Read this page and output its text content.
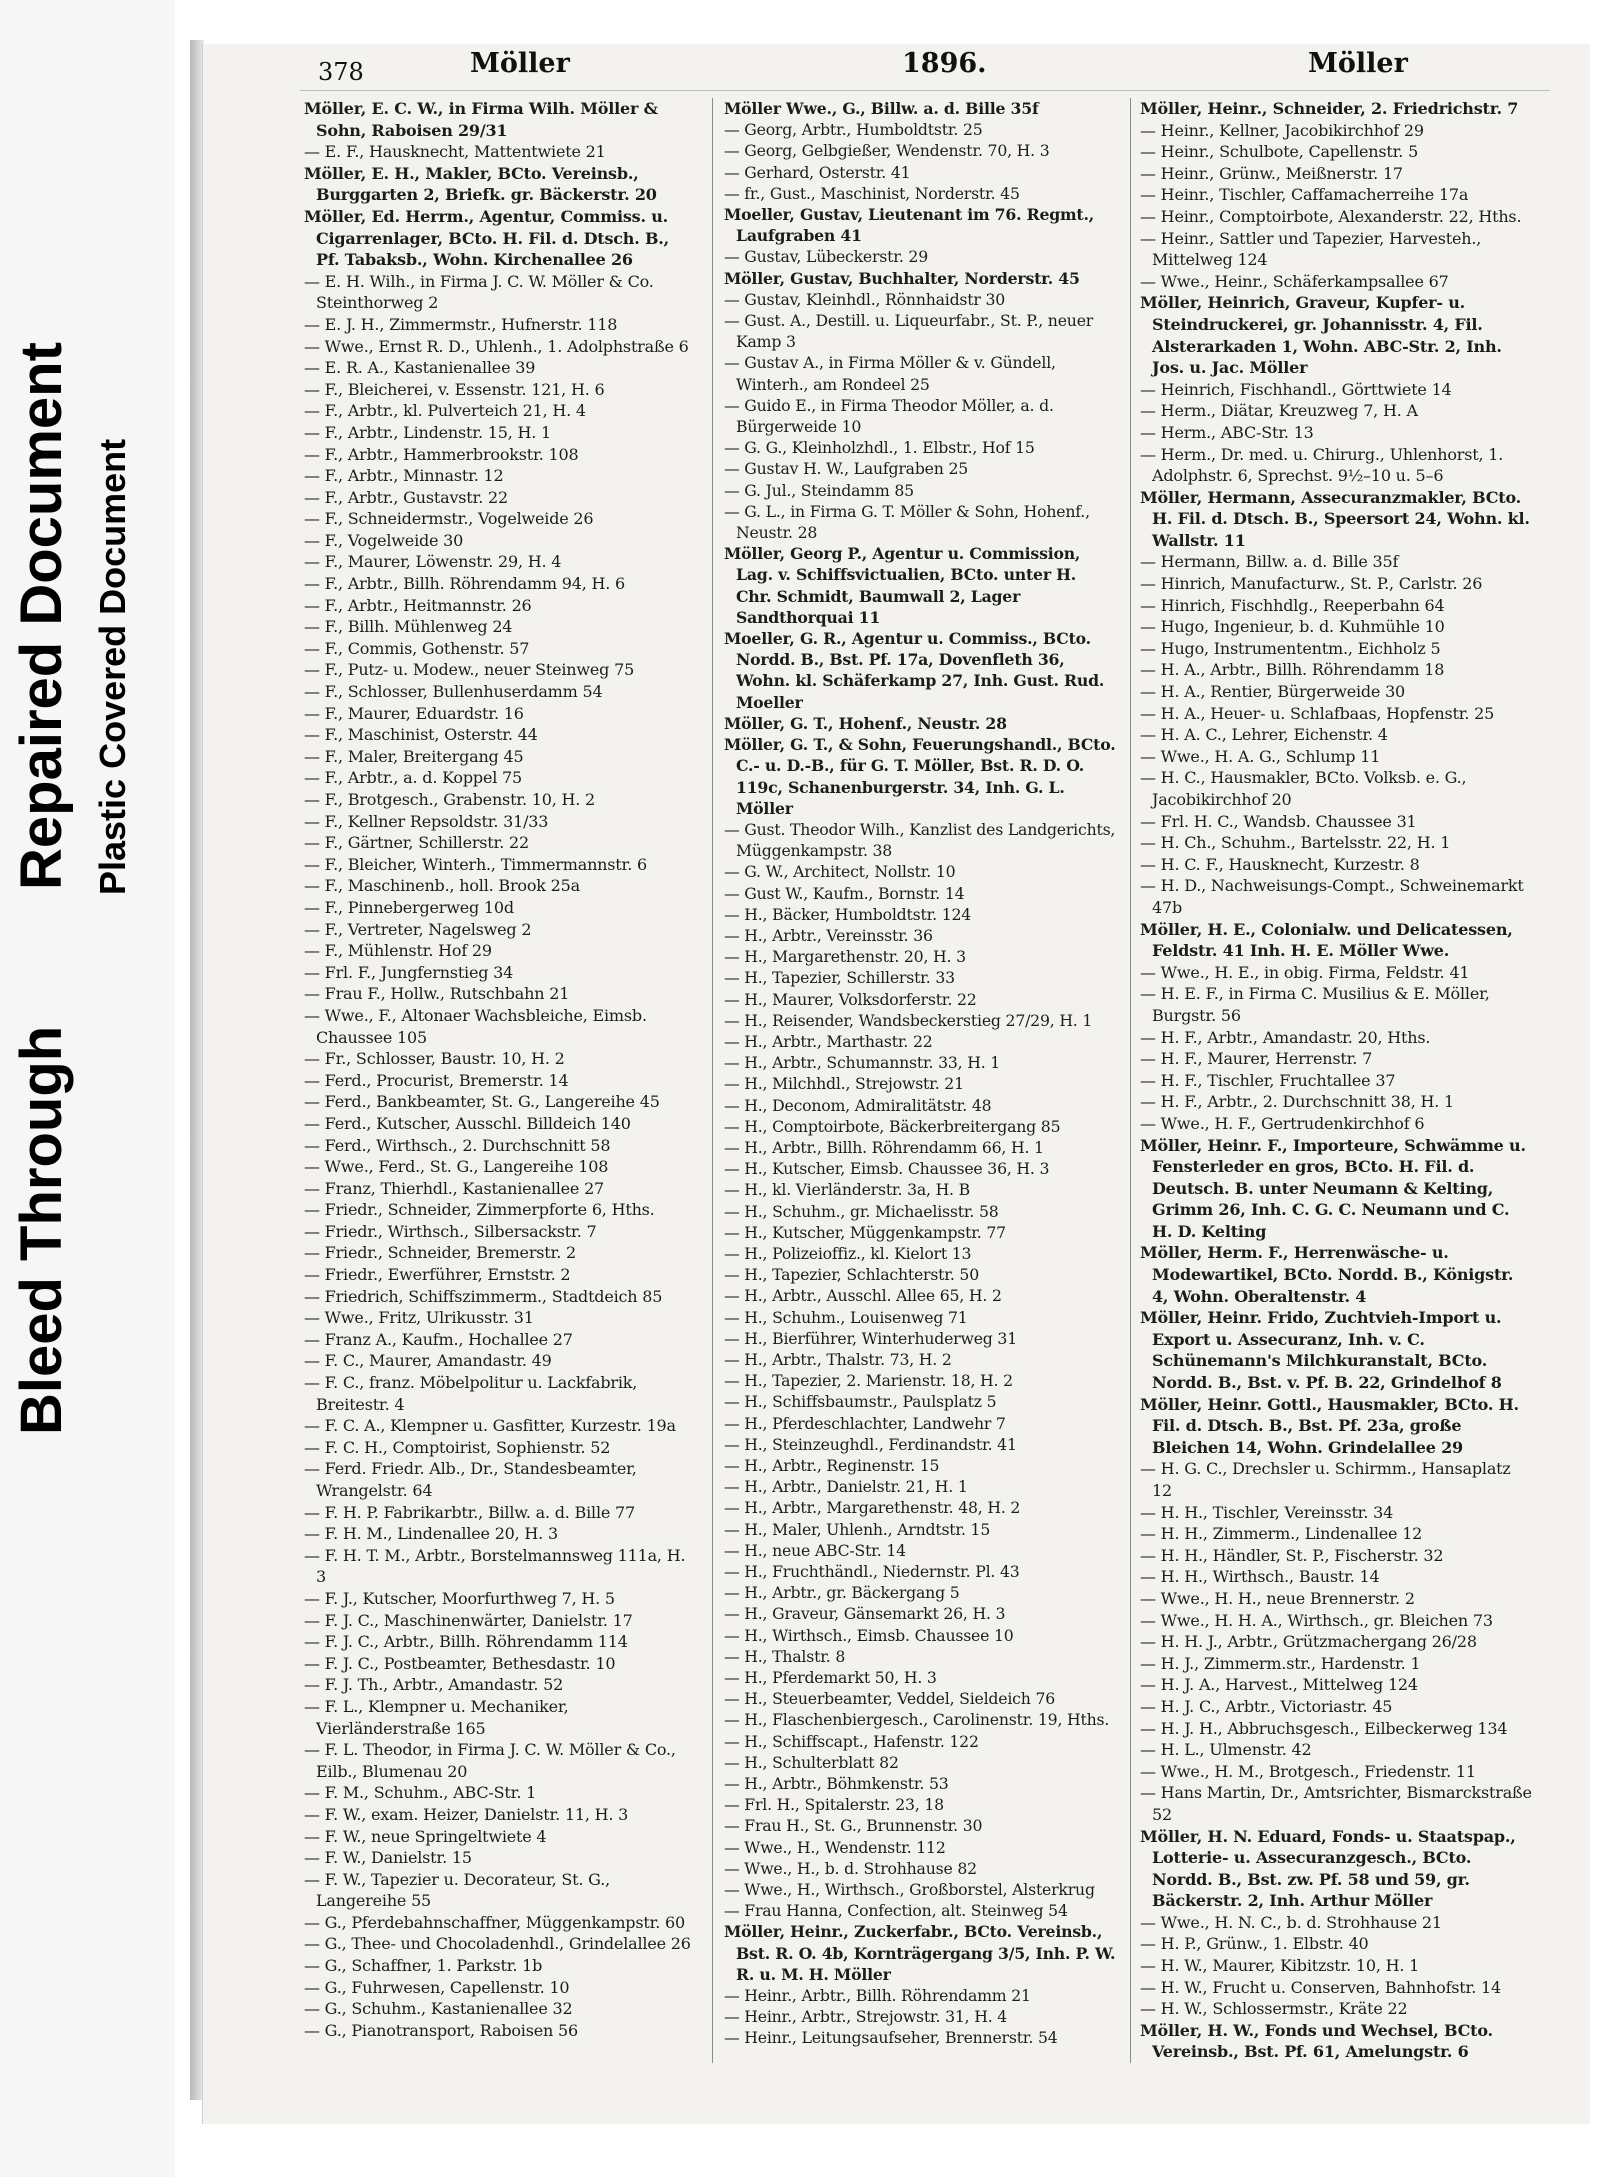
Bleed Through
Repaired Document Plastic Covered Document
378	Möller	1896.	Möller

Möller, E. C. W., in Firma Wilh. Möller & Sohn, Raboisen 29/31

— E. F., Hausknecht, Mattentwiete 21

Möller, E. H., Makler, BCto. Vereinsb., Burggarten 2, Briefk. gr. Bäckerstr. 20

Möller, Ed. Herrm., Agentur, Commiss. u. Cigarrenlager, BCto. H. Fil. d. Dtsch. B., Pf. Tabaksb., Wohn. Kirchenallee 26

— E. H. Wilh., in Firma J. C. W. Möller & Co. Steinthorweg 2

— E. J. H., Zimmermstr., Hufnerstr. 118

— Wwe., Ernst R. D., Uhlenh., 1. Adolphstraße 6

— E. R. A., Kastanienallee 39

— F., Bleicherei, v. Essenstr. 121, H. 6

— F., Arbtr., kl. Pulverteich 21, H. 4

— F., Arbtr., Lindenstr. 15, H. 1

— F., Arbtr., Hammerbrookstr. 108

— F., Arbtr., Minnastr. 12

— F., Arbtr., Gustavstr. 22

— F., Schneidermstr., Vogelweide 26

— F., Vogelweide 30

— F., Maurer, Löwenstr. 29, H. 4

— F., Arbtr., Billh. Röhrendamm 94, H. 6

— F., Arbtr., Heitmannstr. 26

— F., Billh. Mühlenweg 24

— F., Commis, Gothenstr. 57

— F., Putz- u. Modew., neuer Steinweg 75

— F., Schlosser, Bullenhuserdamm 54

— F., Maurer, Eduardstr. 16

— F., Maschinist, Osterstr. 44

— F., Maler, Breitergang 45

— F., Arbtr., a. d. Koppel 75

— F., Brotgesch., Grabenstr. 10, H. 2

— F., Kellner Repsoldstr. 31/33

— F., Gärtner, Schillerstr. 22

— F., Bleicher, Winterh., Timmermannstr. 6

— F., Maschinenb., holl. Brook 25a

— F., Pinnebergerweg 10d

— F., Vertreter, Nagelsweg 2

— F., Mühlenstr. Hof 29

— Frl. F., Jungfernstieg 34

— Frau F., Hollw., Rutschbahn 21

— Wwe., F., Altonaer Wachsbleiche, Eimsb. Chaussee 105

— Fr., Schlosser, Baustr. 10, H. 2

— Ferd., Procurist, Bremerstr. 14

— Ferd., Bankbeamter, St. G., Langereihe 45

— Ferd., Kutscher, Ausschl. Billdeich 140

— Ferd., Wirthsch., 2. Durchschnitt 58

— Wwe., Ferd., St. G., Langereihe 108

— Franz, Thierhdl., Kastanienallee 27

— Friedr., Schneider, Zimmerpforte 6, Hths.

— Friedr., Wirthsch., Silbersackstr. 7

— Friedr., Schneider, Bremerstr. 2

— Friedr., Ewerführer, Ernststr. 2

— Friedrich, Schiffszimmerm., Stadtdeich 85

— Wwe., Fritz, Ulrikusstr. 31

— Franz A., Kaufm., Hochallee 27

— F. C., Maurer, Amandastr. 49

— F. C., franz. Möbelpolitur u. Lackfabrik, Breitestr. 4

— F. C. A., Klempner u. Gasfitter, Kurzestr. 19a

— F. C. H., Comptoirist, Sophienstr. 52

— Ferd. Friedr. Alb., Dr., Standesbeamter, Wrangelstr. 64

— F. H. P. Fabrikarbtr., Billw. a. d. Bille 77

— F. H. M., Lindenallee 20, H. 3

— F. H. T. M., Arbtr., Borstelmannsweg 111a, H. 3

— F. J., Kutscher, Moorfurthweg 7, H. 5

— F. J. C., Maschinenwärter, Danielstr. 17

— F. J. C., Arbtr., Billh. Röhrendamm 114

— F. J. C., Postbeamter, Bethesdastr. 10

— F. J. Th., Arbtr., Amandastr. 52

— F. L., Klempner u. Mechaniker, Vierländerstraße 165

— F. L. Theodor, in Firma J. C. W. Möller & Co., Eilb., Blumenau 20

— F. M., Schuhm., ABC-Str. 1

— F. W., exam. Heizer, Danielstr. 11, H. 3

— F. W., neue Springeltwiete 4

— F. W., Danielstr. 15

— F. W., Tapezier u. Decorateur, St. G., Langereihe 55

— G., Pferdebahnschaffner, Müggenkampstr. 60

— G., Thee- und Chocoladenhdl., Grindelallee 26

— G., Schaffner, 1. Parkstr. 1b

— G., Fuhrwesen, Capellenstr. 10

— G., Schuhm., Kastanienallee 32

— G., Pianotransport, Raboisen 56

Möller Wwe., G., Billw. a. d. Bille 35f

— Georg, Arbtr., Humboldtstr. 25

— Georg, Gelbgießer, Wendenstr. 70, H. 3

— Gerhard, Osterstr. 41

— fr., Gust., Maschinist, Norderstr. 45

Moeller, Gustav, Lieutenant im 76. Regmt., Laufgraben 41

— Gustav, Lübeckerstr. 29

Möller, Gustav, Buchhalter, Norderstr. 45

— Gustav, Kleinhdl., Rönnhaidstr 30

— Gust. A., Destill. u. Liqueurfabr., St. P., neuer Kamp 3

— Gustav A., in Firma Möller & v. Gündell, Winterh., am Rondeel 25

— Guido E., in Firma Theodor Möller, a. d. Bürgerweide 10

— G. G., Kleinholzhdl., 1. Elbstr., Hof 15

— Gustav H. W., Laufgraben 25

— G. Jul., Steindamm 85

— G. L., in Firma G. T. Möller & Sohn, Hohenf., Neustr. 28

Möller, Georg P., Agentur u. Commission, Lag. v. Schiffsvictualien, BCto. unter H. Chr. Schmidt, Baumwall 2, Lager Sandthorquai 11

Moeller, G. R., Agentur u. Commiss., BCto. Nordd. B., Bst. Pf. 17a, Dovenfleth 36, Wohn. kl. Schäferkamp 27, Inh. Gust. Rud. Moeller

Möller, G. T., Hohenf., Neustr. 28

Möller, G. T., & Sohn, Feuerungshandl., BCto. C.- u. D.-B., für G. T. Möller, Bst. R. D. O. 119c, Schanenburgerstr. 34, Inh. G. L. Möller

— Gust. Theodor Wilh., Kanzlist des Landgerichts, Müggenkampstr. 38

— G. W., Architect, Nollstr. 10

— Gust W., Kaufm., Bornstr. 14

— H., Bäcker, Humboldtstr. 124

— H., Arbtr., Vereinsstr. 36

— H., Margarethenstr. 20, H. 3

— H., Tapezier, Schillerstr. 33

— H., Maurer, Volksdorferstr. 22

— H., Reisender, Wandsbeckerstieg 27/29, H. 1

— H., Arbtr., Marthastr. 22

— H., Arbtr., Schumannstr. 33, H. 1

— H., Milchhdl., Strejowstr. 21

— H., Deconom, Admiralitätstr. 48

— H., Comptoirbote, Bäckerbreitergang 85

— H., Arbtr., Billh. Röhrendamm 66, H. 1

— H., Kutscher, Eimsb. Chaussee 36, H. 3

— H., kl. Vierländerstr. 3a, H. B

— H., Schuhm., gr. Michaelisstr. 58

— H., Kutscher, Müggenkampstr. 77

— H., Polizeioffiz., kl. Kielort 13

— H., Tapezier, Schlachterstr. 50

— H., Arbtr., Ausschl. Allee 65, H. 2

— H., Schuhm., Louisenweg 71

— H., Bierführer, Winterhuderweg 31

— H., Arbtr., Thalstr. 73, H. 2

— H., Tapezier, 2. Marienstr. 18, H. 2

— H., Schiffsbaumstr., Paulsplatz 5

— H., Pferdeschlachter, Landwehr 7

— H., Steinzeughdl., Ferdinandstr. 41

— H., Arbtr., Reginenstr. 15

— H., Arbtr., Danielstr. 21, H. 1

— H., Arbtr., Margarethenstr. 48, H. 2

— H., Maler, Uhlenh., Arndtstr. 15

— H., neue ABC-Str. 14

— H., Fruchthändl., Niedernstr. Pl. 43

— H., Arbtr., gr. Bäckergang 5

— H., Graveur, Gänsemarkt 26, H. 3

— H., Wirthsch., Eimsb. Chaussee 10

— H., Thalstr. 8

— H., Pferdemarkt 50, H. 3

— H., Steuerbeamter, Veddel, Sieldeich 76

— H., Flaschenbiergesch., Carolinenstr. 19, Hths.

— H., Schiffscapt., Hafenstr. 122

— H., Schulterblatt 82

— H., Arbtr., Böhmkenstr. 53

— Frl. H., Spitalerstr. 23, 18

— Frau H., St. G., Brunnenstr. 30

— Wwe., H., Wendenstr. 112

— Wwe., H., b. d. Strohhause 82

— Wwe., H., Wirthsch., Großborstel, Alsterkrug

— Frau Hanna, Confection, alt. Steinweg 54

Möller, Heinr., Zuckerfabr., BCto. Vereinsb., Bst. R. O. 4b, Kornträgergang 3/5, Inh. P. W. R. u. M. H. Möller

— Heinr., Arbtr., Billh. Röhrendamm 21

— Heinr., Arbtr., Strejowstr. 31, H. 4

— Heinr., Leitungsaufseher, Brennerstr. 54

Möller, Heinr., Schneider, 2. Friedrichstr. 7

— Heinr., Kellner, Jacobikirchhof 29

— Heinr., Schulbote, Capellenstr. 5

— Heinr., Grünw., Meißnerstr. 17

— Heinr., Tischler, Caffamacherreihe 17a

— Heinr., Comptoirbote, Alexanderstr. 22, Hths.

— Heinr., Sattler und Tapezier, Harvesteh., Mittelweg 124

— Wwe., Heinr., Schäferkampsallee 67

Möller, Heinrich, Graveur, Kupfer- u. Steindruckerei, gr. Johannisstr. 4, Fil. Alsterarkaden 1, Wohn. ABC-Str. 2, Inh. Jos. u. Jac. Möller

— Heinrich, Fischhandl., Görttwiete 14

— Herm., Diätar, Kreuzweg 7, H. A

— Herm., ABC-Str. 13

— Herm., Dr. med. u. Chirurg., Uhlenhorst, 1. Adolphstr. 6, Sprechst. 9½–10 u. 5–6

Möller, Hermann, Assecuranzmakler, BCto. H. Fil. d. Dtsch. B., Speersort 24, Wohn. kl. Wallstr. 11

— Hermann, Billw. a. d. Bille 35f

— Hinrich, Manufacturw., St. P., Carlstr. 26

— Hinrich, Fischhdlg., Reeperbahn 64

— Hugo, Ingenieur, b. d. Kuhmühle 10

— Hugo, Instrumententm., Eichholz 5

— H. A., Arbtr., Billh. Röhrendamm 18

— H. A., Rentier, Bürgerweide 30

— H. A., Heuer- u. Schlafbaas, Hopfenstr. 25

— H. A. C., Lehrer, Eichenstr. 4

— Wwe., H. A. G., Schlump 11

— H. C., Hausmakler, BCto. Volksb. e. G., Jacobikirchhof 20

— Frl. H. C., Wandsb. Chaussee 31

— H. Ch., Schuhm., Bartelsstr. 22, H. 1

— H. C. F., Hausknecht, Kurzestr. 8

— H. D., Nachweisungs-Compt., Schweinemarkt 47b

Möller, H. E., Colonialw. und Delicatessen, Feldstr. 41 Inh. H. E. Möller Wwe.

— Wwe., H. E., in obig. Firma, Feldstr. 41

— H. E. F., in Firma C. Musilius & E. Möller, Burgstr. 56

— H. F., Arbtr., Amandastr. 20, Hths.

— H. F., Maurer, Herrenstr. 7

— H. F., Tischler, Fruchtallee 37

— H. F., Arbtr., 2. Durchschnitt 38, H. 1

— Wwe., H. F., Gertrudenkirchhof 6

Möller, Heinr. F., Importeure, Schwämme u. Fensterleder en gros, BCto. H. Fil. d. Deutsch. B. unter Neumann & Kelting, Grimm 26, Inh. C. G. C. Neumann und C. H. D. Kelting

Möller, Herm. F., Herrenwäsche- u. Modewartikel, BCto. Nordd. B., Königstr. 4, Wohn. Oberaltenstr. 4

Möller, Heinr. Frido, Zuchtvieh-Import u. Export u. Assecuranz, Inh. v. C. Schünemann's Milchkuranstalt, BCto. Nordd. B., Bst. v. Pf. B. 22, Grindelhof 8

Möller, Heinr. Gottl., Hausmakler, BCto. H. Fil. d. Dtsch. B., Bst. Pf. 23a, große Bleichen 14, Wohn. Grindelallee 29

— H. G. C., Drechsler u. Schirmm., Hansaplatz 12

— H. H., Tischler, Vereinsstr. 34

— H. H., Zimmerm., Lindenallee 12

— H. H., Händler, St. P., Fischerstr. 32

— H. H., Wirthsch., Baustr. 14

— Wwe., H. H., neue Brennerstr. 2

— Wwe., H. H. A., Wirthsch., gr. Bleichen 73

— H. H. J., Arbtr., Grützmachergang 26/28

— H. J., Zimmerm.str., Hardenstr. 1

— H. J. A., Harvest., Mittelweg 124

— H. J. C., Arbtr., Victoriastr. 45

— H. J. H., Abbruchsgesch., Eilbeckerweg 134

— H. L., Ulmenstr. 42

— Wwe., H. M., Brotgesch., Friedenstr. 11

— Hans Martin, Dr., Amtsrichter, Bismarckstraße 52

Möller, H. N. Eduard, Fonds- u. Staatspap., Lotterie- u. Assecuranzgesch., BCto. Nordd. B., Bst. zw. Pf. 58 und 59, gr. Bäckerstr. 2, Inh. Arthur Möller

— Wwe., H. N. C., b. d. Strohhause 21

— H. P., Grünw., 1. Elbstr. 40

— H. W., Maurer, Kibitzstr. 10, H. 1

— H. W., Frucht u. Conserven, Bahnhofstr. 14

— H. W., Schlossermstr., Kräte 22

Möller, H. W., Fonds und Wechsel, BCto. Vereinsb., Bst. Pf. 61, Amelungstr. 6
